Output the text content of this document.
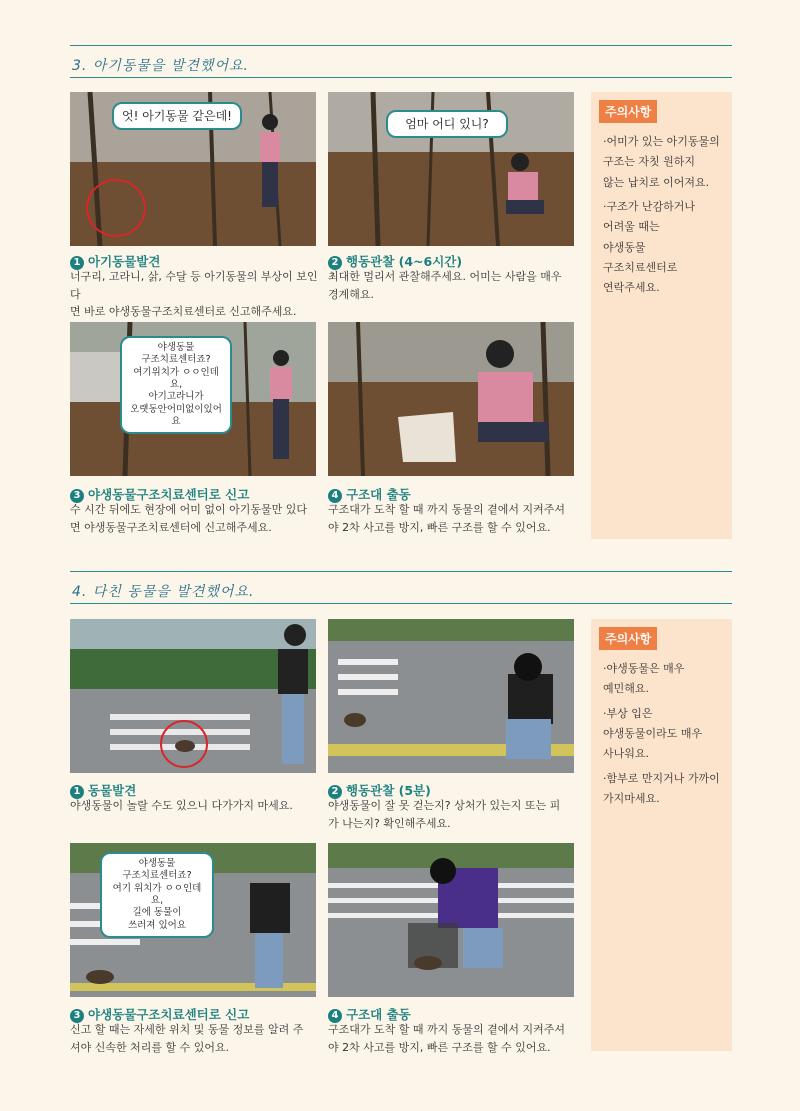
3. 아기동물을 발견했어요.
엇! 아기동물 같은데!
엄마 어디 있니?
1 아기동물발견
너구리, 고라니, 삵, 수달 등 아기동물의 부상이 보인다
면 바로 야생동물구조치료센터로 신고해주세요.
2 행동관찰 (4~6시간)
최대한 멀리서 관찰해주세요. 어미는 사람을 매우
경계해요.
야생동물
구조치료센터죠?
여기위치가 ㅇㅇ인데요,
아기고라니가
오랫동안어미없이있어요
3 야생동물구조치료센터로 신고
수 시간 뒤에도 현장에 어미 없이 아기동물만 있다
면 야생동물구조치료센터에 신고해주세요.
4 구조대 출동
구조대가 도착 할 때 까지 동물의 곁에서 지켜주셔
야 2차 사고를 방지, 빠른 구조를 할 수 있어요.
주의사항
·어미가 있는 아기동물의
구조는 자칫 원하지
않는 납치로 이어져요.
·구조가 난감하거나
어려울 때는
야생동물
구조치료센터로
연락주세요.
4. 다친 동물을 발견했어요.
1 동물발견
야생동물이 놀랄 수도 있으니 다가가지 마세요.
2 행동관찰 (5분)
야생동물이 잘 못 걷는지? 상처가 있는지 또는 피
가 나는지? 확인해주세요.
야생동물
구조치료센터죠?
여기 위치가 ㅇㅇ인데요,
길에 동물이
쓰러져 있어요
3 야생동물구조치료센터로 신고
신고 할 때는 자세한 위치 및 동물 정보를 알려 주
셔야 신속한 처리를 할 수 있어요.
4 구조대 출동
구조대가 도착 할 때 까지 동물의 곁에서 지켜주셔
야 2차 사고를 방지, 빠른 구조를 할 수 있어요.
주의사항
·야생동물은 매우
예민해요.
·부상 입은
야생동물이라도 매우
사나워요.
·함부로 만지거나 가까이
가지마세요.
